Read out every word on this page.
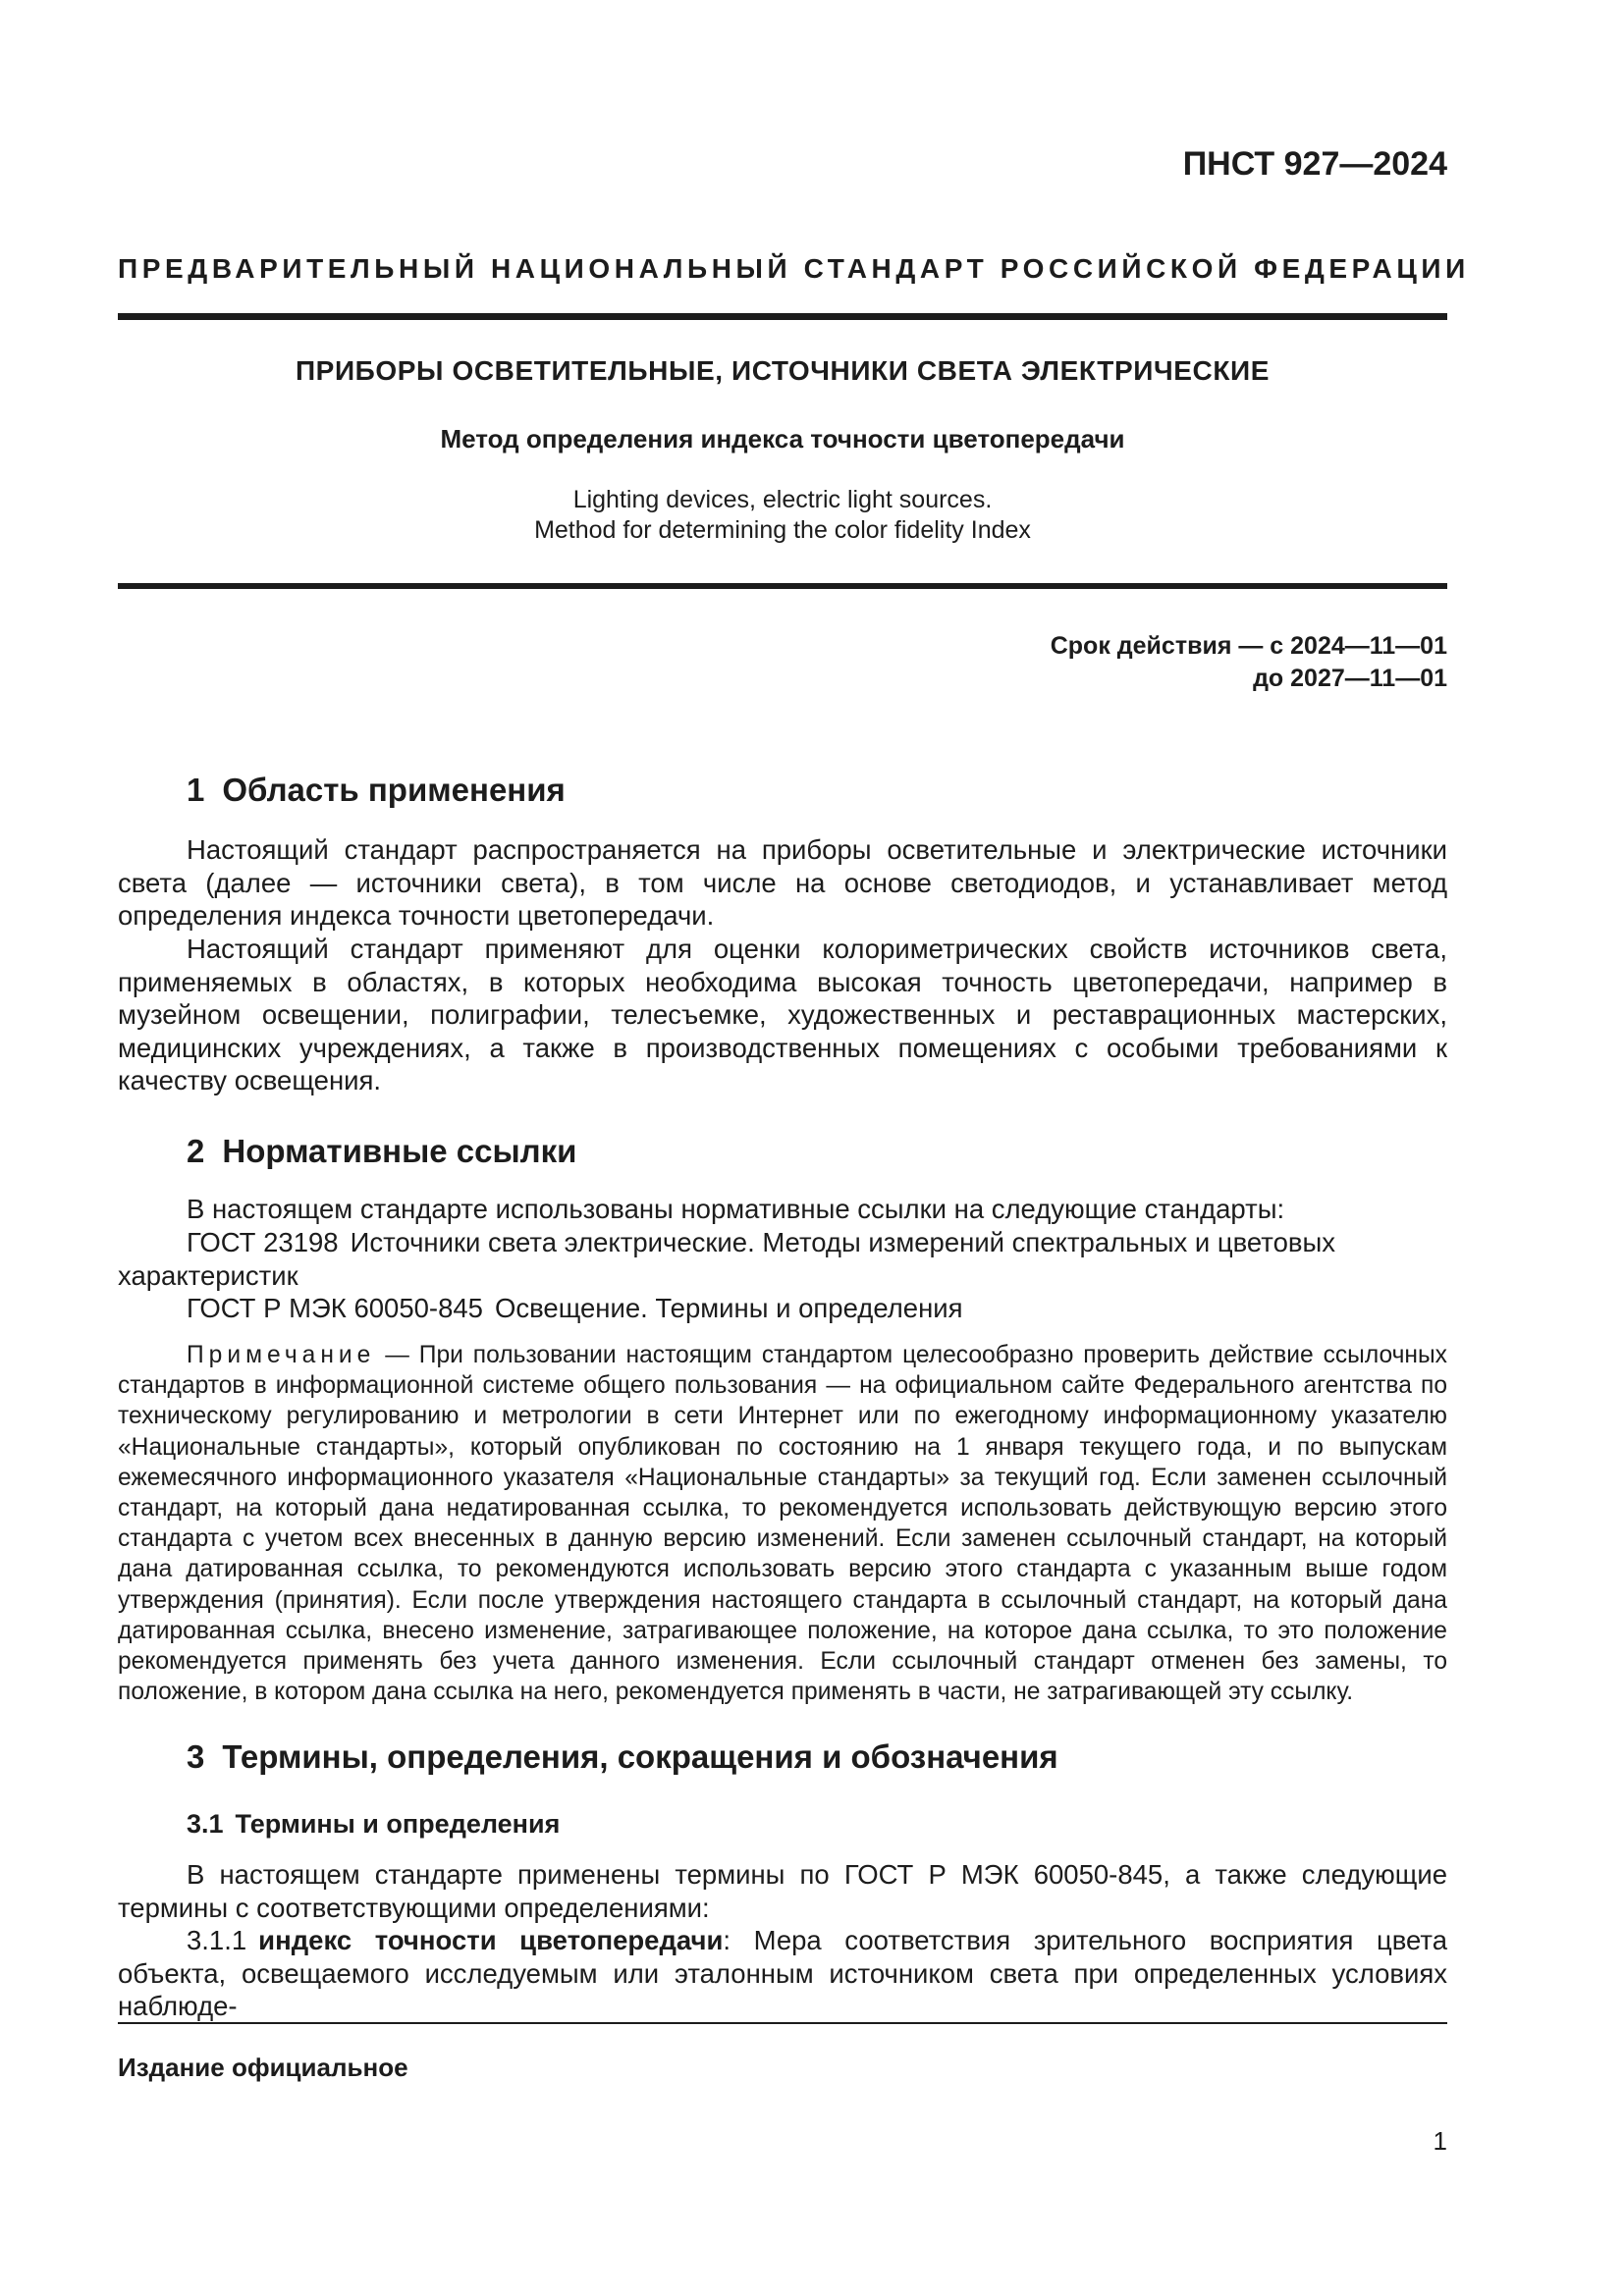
ПНСТ 927—2024
ПРЕДВАРИТЕЛЬНЫЙ НАЦИОНАЛЬНЫЙ СТАНДАРТ РОССИЙСКОЙ ФЕДЕРАЦИИ
ПРИБОРЫ ОСВЕТИТЕЛЬНЫЕ, ИСТОЧНИКИ СВЕТА ЭЛЕКТРИЧЕСКИЕ
Метод определения индекса точности цветопередачи
Lighting devices, electric light sources.
Method for determining the color fidelity Index
Срок действия — с 2024—11—01
до 2027—11—01
1 Область применения

Настоящий стандарт распространяется на приборы осветительные и электрические источники света (далее — источники света), в том числе на основе светодиодов, и устанавливает метод определения индекса точности цветопередачи.

Настоящий стандарт применяют для оценки колориметрических свойств источников света, применяемых в областях, в которых необходима высокая точность цветопередачи, например в музейном освещении, полиграфии, телесъемке, художественных и реставрационных мастерских, медицинских учреждениях, а также в производственных помещениях с особыми требованиями к качеству освещения.

2 Нормативные ссылки

В настоящем стандарте использованы нормативные ссылки на следующие стандарты:

ГОСТ 23198 Источники света электрические. Методы измерений спектральных и цветовых характеристик

ГОСТ Р МЭК 60050-845 Освещение. Термины и определения

Примечание — При пользовании настоящим стандартом целесообразно проверить действие ссылочных стандартов в информационной системе общего пользования — на официальном сайте Федерального агентства по техническому регулированию и метрологии в сети Интернет или по ежегодному информационному указателю «Национальные стандарты», который опубликован по состоянию на 1 января текущего года, и по выпускам ежемесячного информационного указателя «Национальные стандарты» за текущий год. Если заменен ссылочный стандарт, на который дана недатированная ссылка, то рекомендуется использовать действующую версию этого стандарта с учетом всех внесенных в данную версию изменений. Если заменен ссылочный стандарт, на который дана датированная ссылка, то рекомендуются использовать версию этого стандарта с указанным выше годом утверждения (принятия). Если после утверждения настоящего стандарта в ссылочный стандарт, на который дана датированная ссылка, внесено изменение, затрагивающее положение, на которое дана ссылка, то это положение рекомендуется применять без учета данного изменения. Если ссылочный стандарт отменен без замены, то положение, в котором дана ссылка на него, рекомендуется применять в части, не затрагивающей эту ссылку.

3 Термины, определения, сокращения и обозначения
3.1 Термины и определения

В настоящем стандарте применены термины по ГОСТ Р МЭК 60050-845, а также следующие термины с соответствующими определениями:

3.1.1 индекс точности цветопередачи: Мера соответствия зрительного восприятия цвета объекта, освещаемого исследуемым или эталонным источником света при определенных условиях наблюде-

Издание официальное
1
